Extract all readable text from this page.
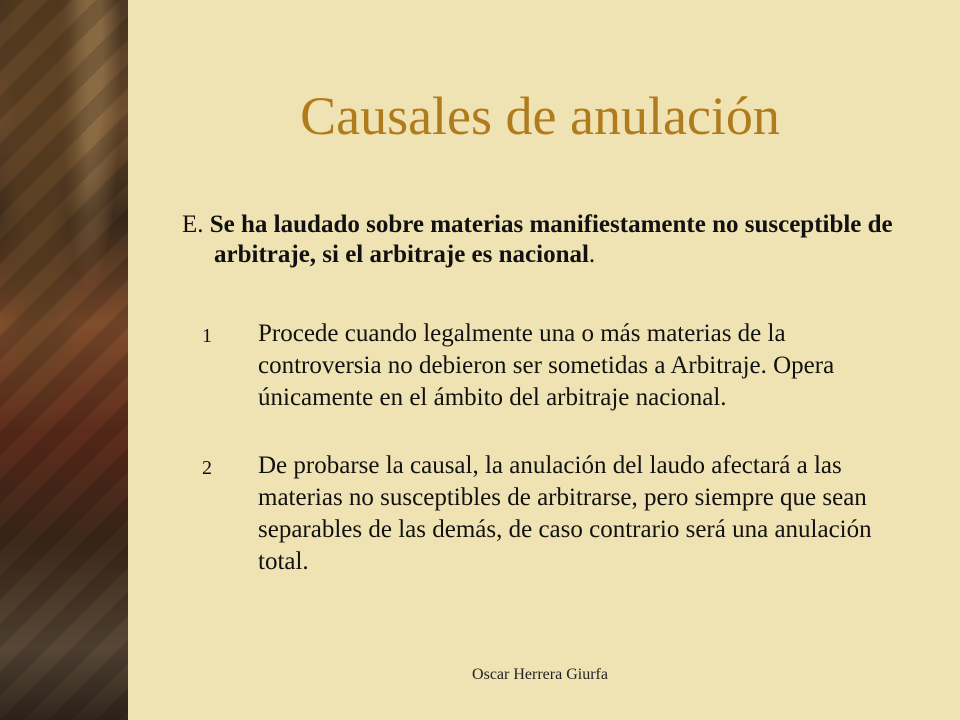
Causales de anulación
E. Se ha laudado sobre materias manifiestamente no susceptible de arbitraje, si el arbitraje es nacional.
1	Procede cuando legalmente una o más materias de la controversia no debieron ser sometidas a Arbitraje. Opera únicamente en el ámbito del arbitraje nacional.
2	De probarse la causal, la anulación del laudo afectará a las materias no susceptibles de arbitrarse, pero siempre que sean separables de las demás, de caso contrario será una anulación total.
Oscar Herrera Giurfa
